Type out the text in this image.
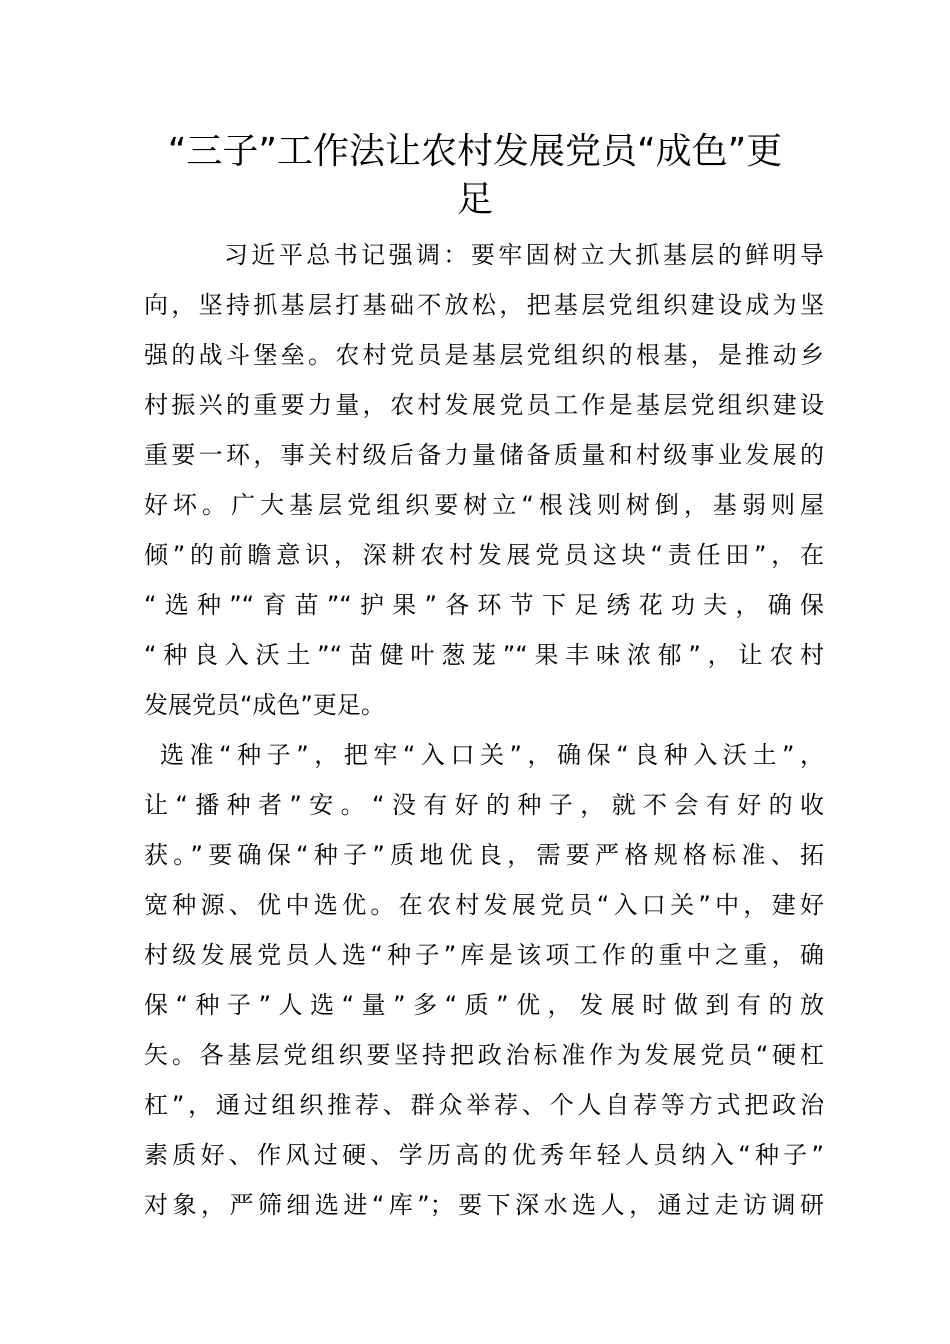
“三子”工作法让农村发展党员“成色”更
足
习近平总书记强调：要牢固树立大抓基层的鲜明导
向，坚持抓基层打基础不放松，把基层党组织建设成为坚
强的战斗堡垒。农村党员是基层党组织的根基，是推动乡
村振兴的重要力量，农村发展党员工作是基层党组织建设
重要一环，事关村级后备力量储备质量和村级事业发展的
好坏。广大基层党组织要树立“根浅则树倒，基弱则屋
倾”的前瞻意识，深耕农村发展党员这块“责任田”，在
“选种”“育苗”“护果”各环节下足绣花功夫，确保
“种良入沃土”“苗健叶葱茏”“果丰味浓郁”，让农村
发展党员“成色”更足。
选准“种子”，把牢“入口关”，确保“良种入沃土”，
让“播种者”安。“没有好的种子，就不会有好的收
获。”要确保“种子”质地优良，需要严格规格标准、拓
宽种源、优中选优。在农村发展党员“入口关”中，建好
村级发展党员人选“种子”库是该项工作的重中之重，确
保“种子”人选“量”多“质”优，发展时做到有的放
矢。各基层党组织要坚持把政治标准作为发展党员“硬杠
杠”，通过组织推荐、群众举荐、个人自荐等方式把政治
素质好、作风过硬、学历高的优秀年轻人员纳入“种子”
对象，严筛细选进“库”；要下深水选人，通过走访调研
